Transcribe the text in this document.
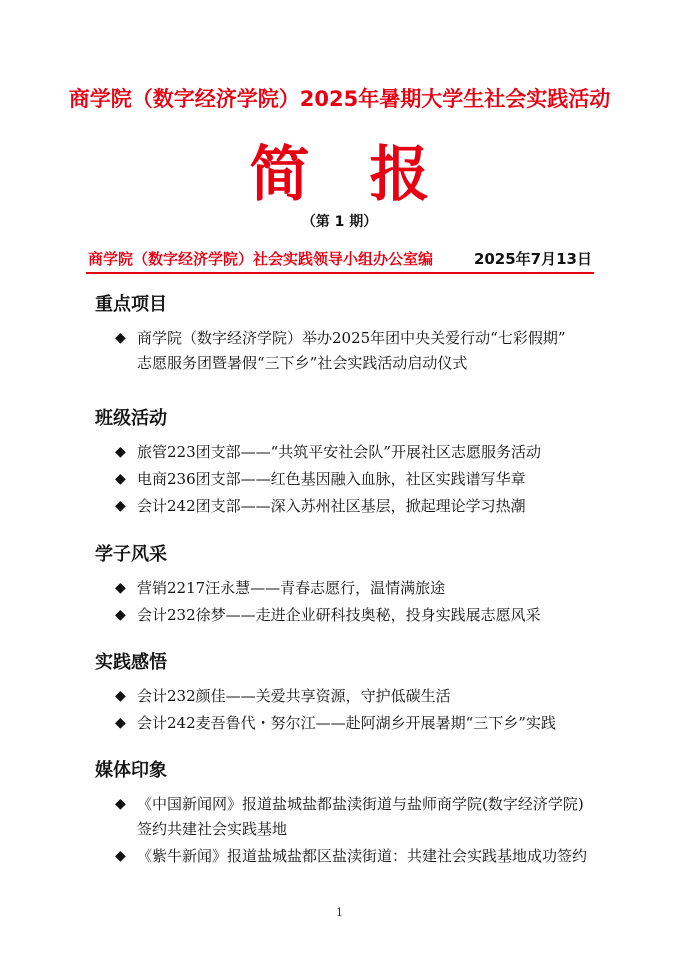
商学院（数字经济学院）2025年暑期大学生社会实践活动
简报
（第 1 期）
商学院（数字经济学院）社会实践领导小组办公室编	2025年7月13日
重点项目
◆ 商学院（数字经济学院）举办2025年团中央关爱行动“七彩假期”
志愿服务团暨暑假“三下乡”社会实践活动启动仪式
班级活动
◆ 旅管223团支部——“共筑平安社会队”开展社区志愿服务活动
◆ 电商236团支部——红色基因融入血脉，社区实践谱写华章
◆ 会计242团支部——深入苏州社区基层，掀起理论学习热潮
学子风采
◆ 营销2217汪永慧——青春志愿行，温情满旅途
◆ 会计232徐梦——走进企业研科技奥秘，投身实践展志愿风采
实践感悟
◆ 会计232颜佳——关爱共享资源，守护低碳生活
◆ 会计242麦吾鲁代・努尔江——赴阿湖乡开展暑期“三下乡”实践
媒体印象
◆ 《中国新闻网》报道盐城盐都盐渎街道与盐师商学院(数字经济学院)
签约共建社会实践基地
◆ 《紫牛新闻》报道盐城盐都区盐渎街道：共建社会实践基地成功签约
1
